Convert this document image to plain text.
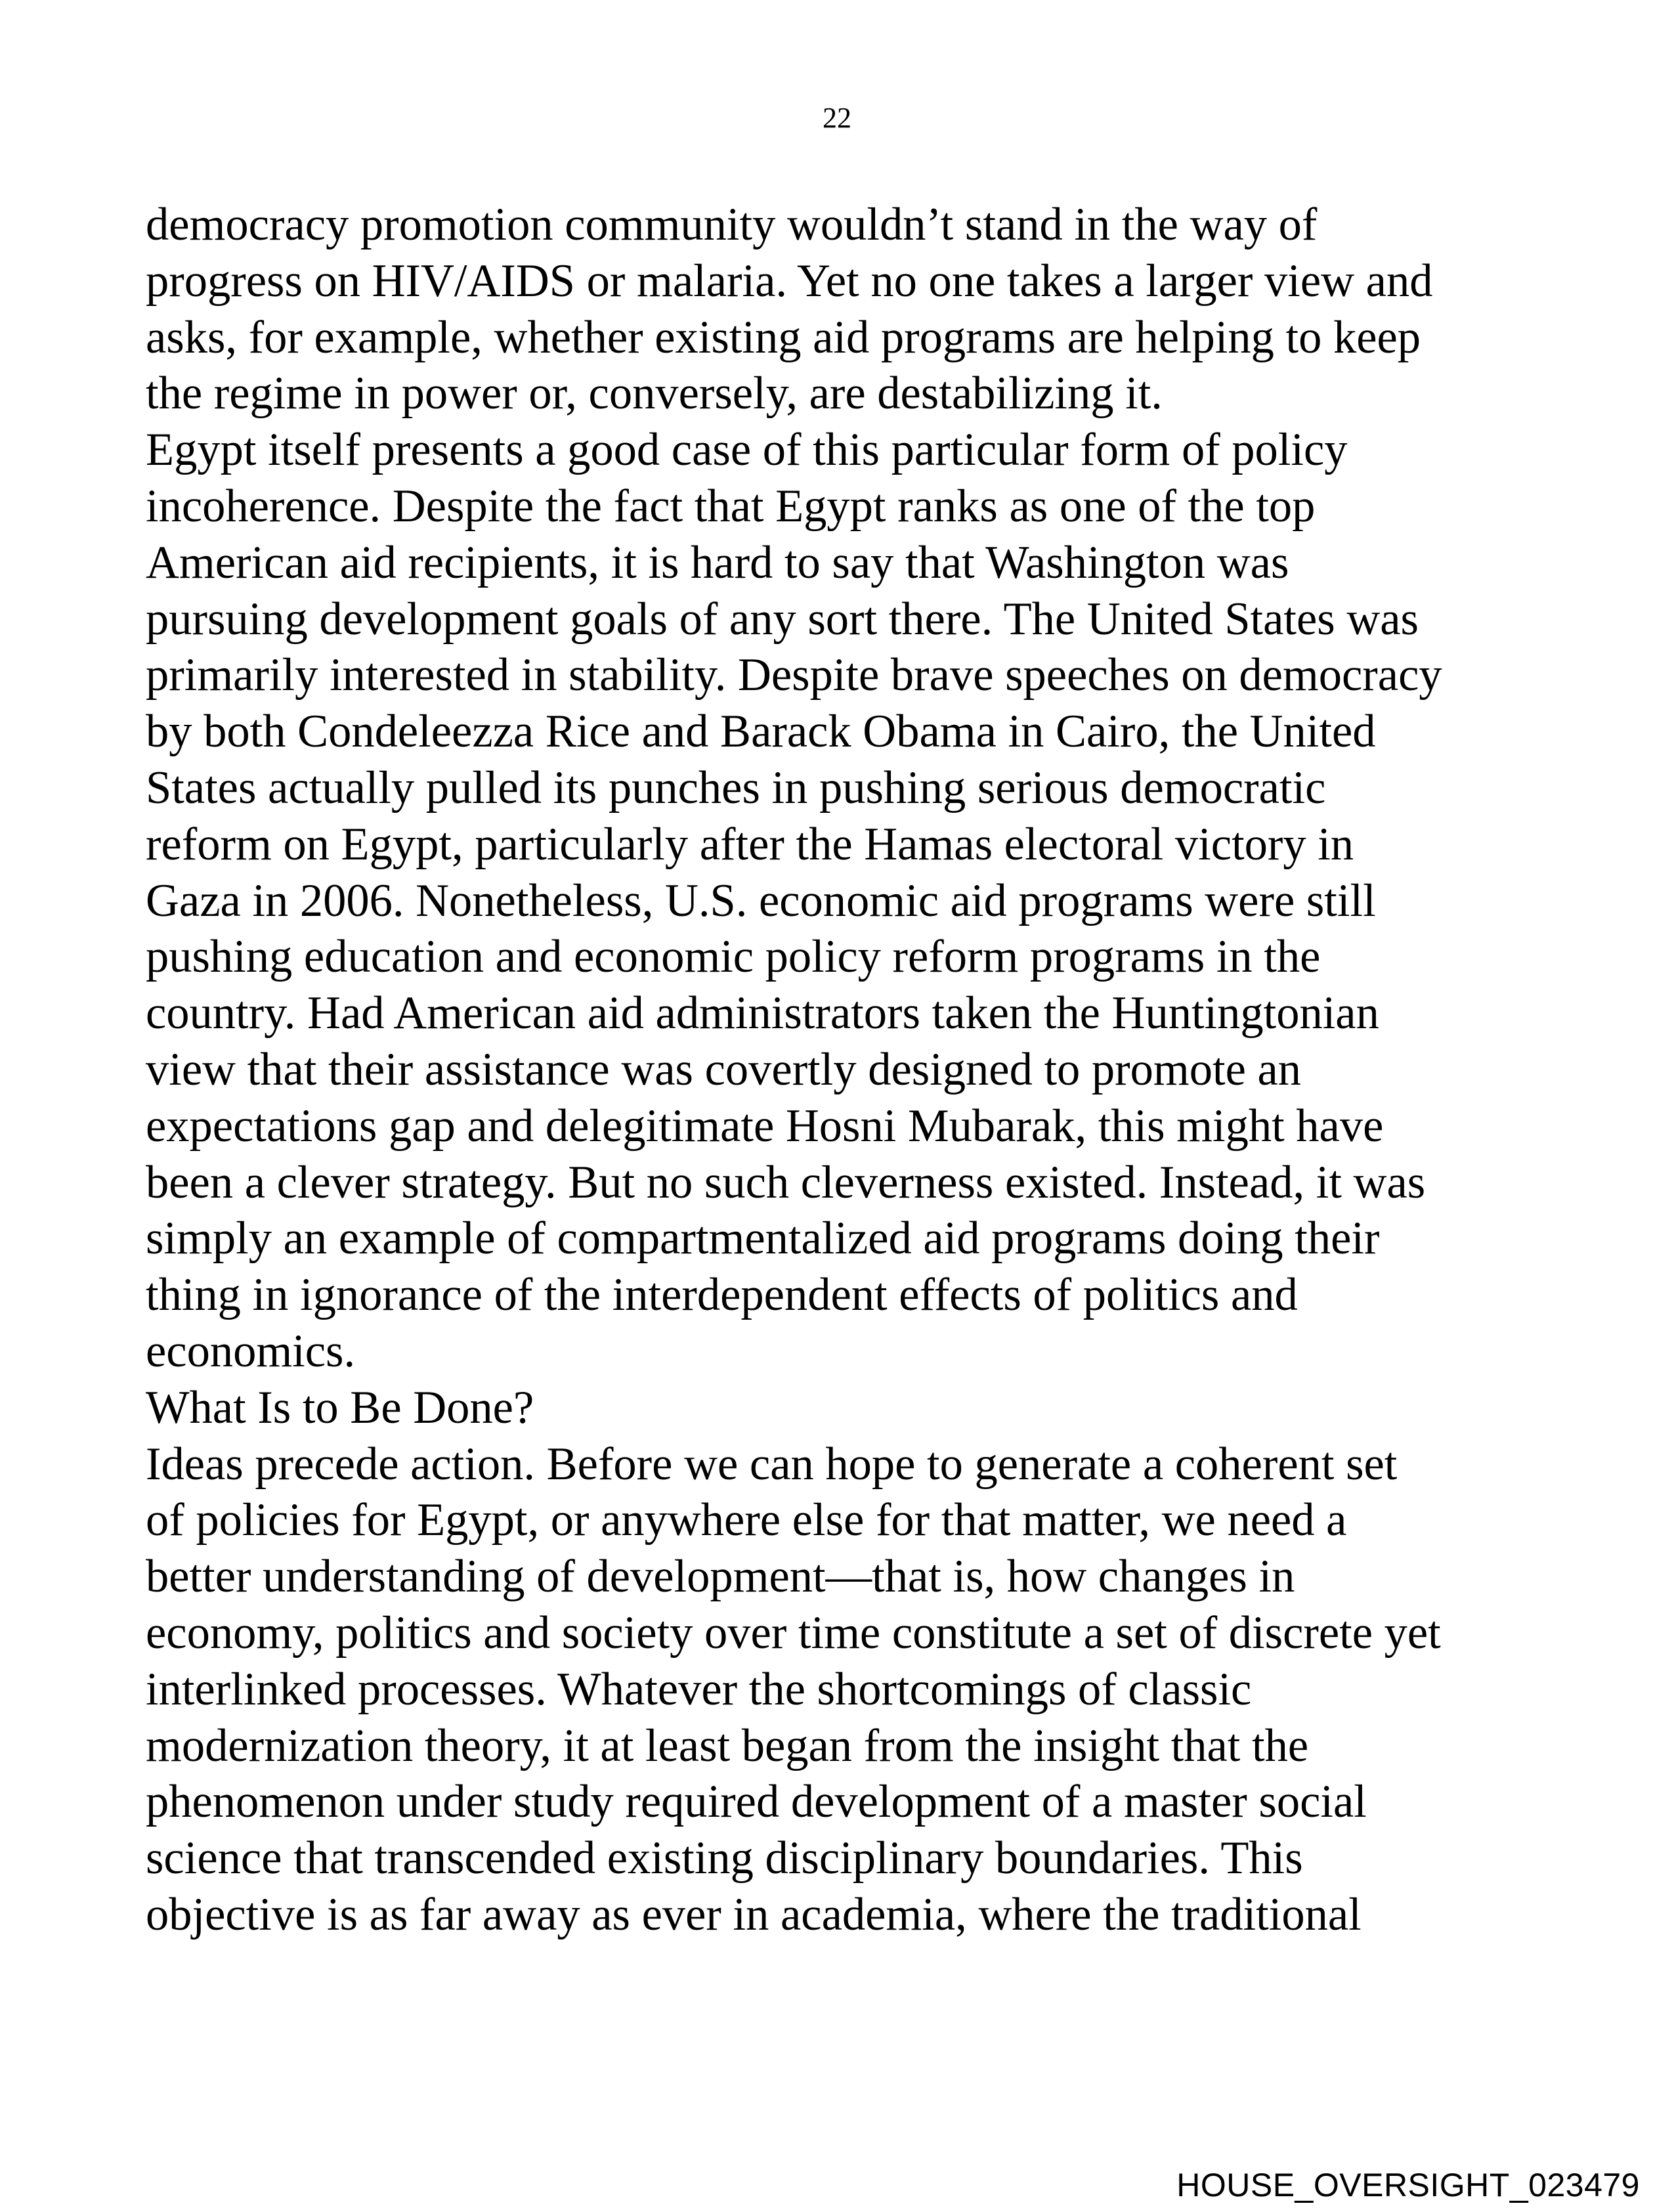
22
democracy promotion community wouldn’t stand in the way of
progress on HIV/AIDS or malaria. Yet no one takes a larger view and
asks, for example, whether existing aid programs are helping to keep
the regime in power or, conversely, are destabilizing it.
Egypt itself presents a good case of this particular form of policy
incoherence. Despite the fact that Egypt ranks as one of the top
American aid recipients, it is hard to say that Washington was
pursuing development goals of any sort there. The United States was
primarily interested in stability. Despite brave speeches on democracy
by both Condeleezza Rice and Barack Obama in Cairo, the United
States actually pulled its punches in pushing serious democratic
reform on Egypt, particularly after the Hamas electoral victory in
Gaza in 2006. Nonetheless, U.S. economic aid programs were still
pushing education and economic policy reform programs in the
country. Had American aid administrators taken the Huntingtonian
view that their assistance was covertly designed to promote an
expectations gap and delegitimate Hosni Mubarak, this might have
been a clever strategy. But no such cleverness existed. Instead, it was
simply an example of compartmentalized aid programs doing their
thing in ignorance of the interdependent effects of politics and
economics.
What Is to Be Done?
Ideas precede action. Before we can hope to generate a coherent set
of policies for Egypt, or anywhere else for that matter, we need a
better understanding of development—that is, how changes in
economy, politics and society over time constitute a set of discrete yet
interlinked processes. Whatever the shortcomings of classic
modernization theory, it at least began from the insight that the
phenomenon under study required development of a master social
science that transcended existing disciplinary boundaries. This
objective is as far away as ever in academia, where the traditional
HOUSE_OVERSIGHT_023479
